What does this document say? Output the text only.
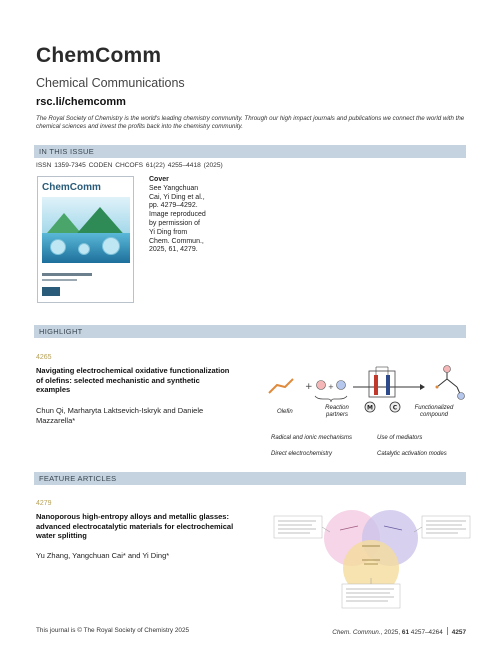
ChemComm
Chemical Communications
rsc.li/chemcomm
The Royal Society of Chemistry is the world's leading chemistry community. Through our high impact journals and publications we connect the world with the chemical sciences and invest the profits back into the chemistry community.
IN THIS ISSUE
ISSN 1359-7345 CODEN CHCOFS 61(22) 4255–4418 (2025)
ChemComm
Cover
See Yangchuan
Cai, Yi Ding et al.,
pp. 4279–4292.
Image reproduced
by permission of
Yi Ding from
Chem. Commun.,
2025, 61, 4279.
HIGHLIGHT
4265
Navigating electrochemical oxidative functionalization of olefins: selected mechanistic and synthetic examples
Chun Qi, Marharyta Laktsevich-Iskryk and Daniele Mazzarella*
+ +
M	C
Olefin
Reaction partners
Functionalized compound
Radical and ionic mechanisms	Use of mediators
Direct electrochemistry	Catalytic activation modes
FEATURE ARTICLES
4279
Nanoporous high-entropy alloys and metallic glasses: advanced electrocatalytic materials for electrochemical water splitting
Yu Zhang, Yangchuan Cai* and Yi Ding*
This journal is © The Royal Society of Chemistry 2025	Chem. Commun., 2025, 61 4257–4264 4257
